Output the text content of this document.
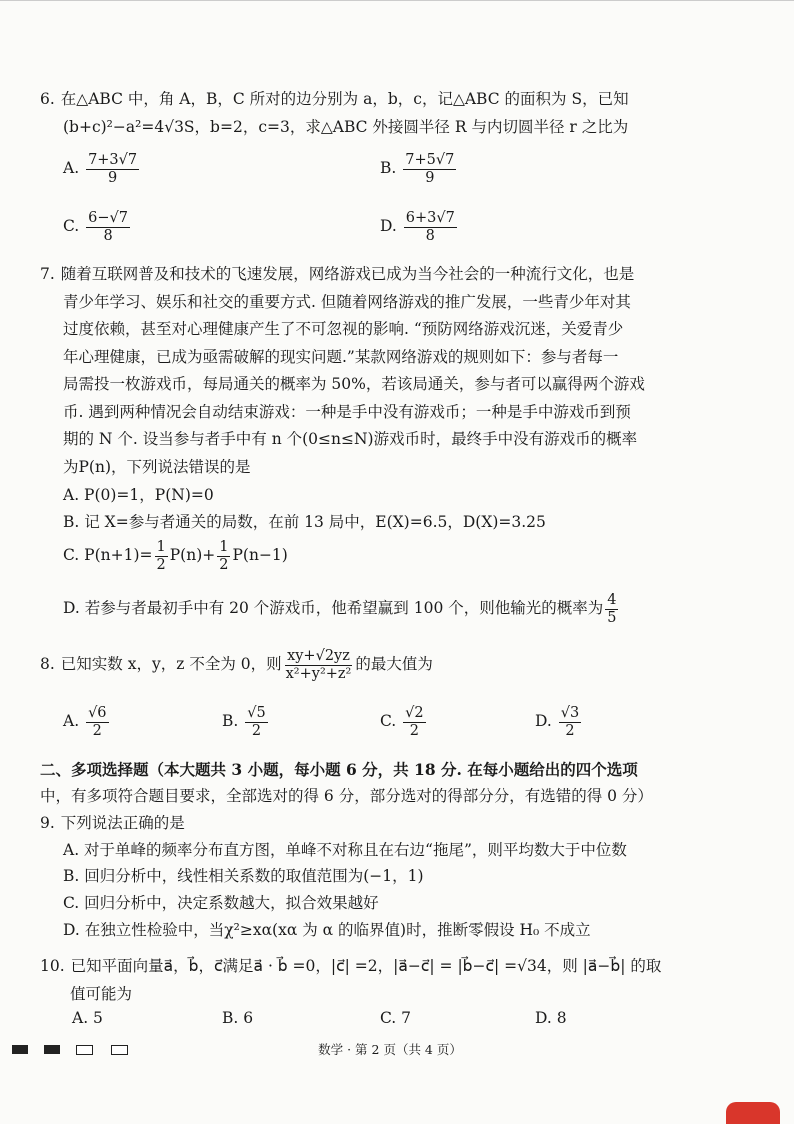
6. 在△ABC 中，角 A，B，C 所对的边分别为 a，b，c，记△ABC 的面积为 S，已知

(b+c)²−a²=4√3S，b=2，c=3，求△ABC 外接圆半径 R 与内切圆半径 r 之比为

A. $\frac{7+3√7}{9}$	B. $\frac{7+5√7}{9}$
C. $\frac{6-√7}{8}$	D. $\frac{6+3√7}{8}$

7. 随着互联网普及和技术的飞速发展，网络游戏已成为当今社会的一种流行文化，也是

青少年学习、娱乐和社交的重要方式. 但随着网络游戏的推广发展，一些青少年对其

过度依赖，甚至对心理健康产生了不可忽视的影响. “预防网络游戏沉迷，关爱青少

年心理健康，已成为亟需破解的现实问题.”某款网络游戏的规则如下：参与者每一

局需投一枚游戏币，每局通关的概率为 50%，若该局通关，参与者可以赢得两个游戏

币. 遇到两种情况会自动结束游戏：一种是手中没有游戏币；一种是手中游戏币到预

期的 N 个. 设当参与者手中有 n 个(0≤n≤N)游戏币时，最终手中没有游戏币的概率

为P(n)，下列说法错误的是

A. P(0)=1，P(N)=0

B. 记 X=参与者通关的局数，在前 13 局中，E(X)=6.5，D(X)=3.25

C. $P(n+1)= \frac{1}{2} P(n)+ \frac{1}{2} P(n-1)$
D. 若参与者最初手中有 20 个游戏币，他希望赢到 100 个，则他输光的概率为 $\frac{4}{5}$
8. 已知实数 x，y，z 不全为 0，则 $\frac{xy+√2yz}{\text{x²+y²+z²}}$ 的最大值为
A. $\frac{√6}{2}$	B. $\frac{√5}{2}$	C. $\frac{√2}{2}$	D. $\frac{√3}{2}$
二、多项选择题（本大题共 3 小题，每小题 6 分，共 18 分. 在每小题给出的四个选项
中，有多项符合题目要求，全部选对的得 6 分，部分选对的得部分分，有选错的得 0 分）

9. 下列说法正确的是

A. 对于单峰的频率分布直方图，单峰不对称且在右边“拖尾”，则平均数大于中位数

B. 回归分析中，线性相关系数的取值范围为(−1，1)

C. 回归分析中，决定系数越大，拟合效果越好

D. 在独立性检验中，当χ²≥xα(xα 为 α 的临界值)时，推断零假设 H₀ 不成立

10. 已知平面向量a⃗，b⃗，c⃗满足a⃗ · b⃗ =0，|c⃗| =2，|a⃗−c⃗| = |b⃗−c⃗| =√34，则 |a⃗−b⃗| 的取

值可能为

A. 5	B. 6	C. 7	D. 8
数学 · 第 2 页（共 4 页）
